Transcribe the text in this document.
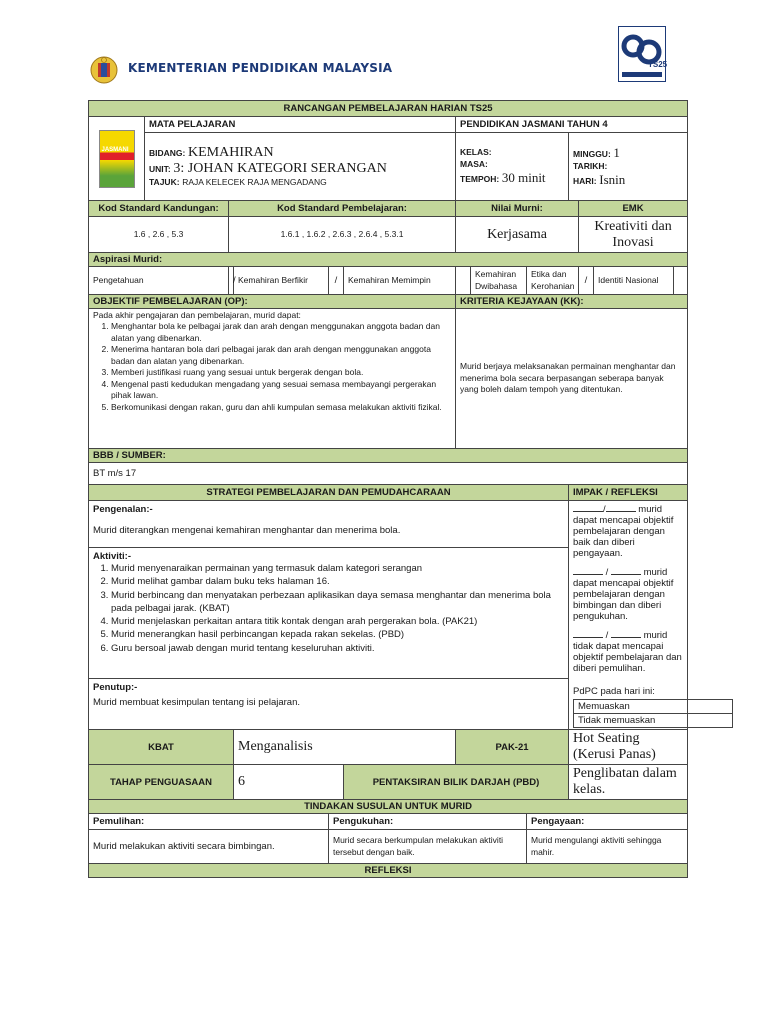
KEMENTERIAN PENDIDIKAN MALAYSIA	TS25
RANCANGAN PEMBELAJARAN HARIAN TS25

JASMANI
	MATA PELAJARAN	PENDIDIKAN JASMANI TAHUN 4

BIDANG: KEMAHIRAN
UNIT: 3: JOHAN KATEGORI SERANGAN
TAJUK: RAJA KELECEK RAJA MENGADANG

KELAS:
MASA:
TEMPOH: 30 minit

MINGGU: 1
TARIKH:
HARI: Isnin

Kod Standard Kandungan:	Kod Standard Pembelajaran:	Nilai Murni:	EMK
1.6 , 2.6 , 5.3	1.6.1 , 1.6.2 , 2.6.3 , 2.6.4 , 5.3.1	Kerjasama	Kreativiti dan Inovasi
Aspirasi Murid:
Pengetahuan	/	Kemahiran Berfikir	/	Kemahiran Memimpin		Kemahiran Dwibahasa	Etika dan Kerohanian	/	Identiti Nasional	
OBJEKTIF PEMBELAJARAN (OP):	KRITERIA KEJAYAAN (KK):

Pada akhir pengajaran dan pembelajaran, murid dapat:
1. Menghantar bola ke pelbagai jarak dan arah dengan menggunakan anggota badan dan alatan yang dibenarkan.
2. Menerima hantaran bola dari pelbagai jarak dan arah dengan menggunakan anggota badan dan alatan yang dibenarkan.
3. Memberi justifikasi ruang yang sesuai untuk bergerak dengan bola.
4. Mengenal pasti kedudukan mengadang yang sesuai semasa membayangi pergerakan pihak lawan.
5. Berkomunikasi dengan rakan, guru dan ahli kumpulan semasa melakukan aktiviti fizikal.
	Murid berjaya melaksanakan permainan menghantar dan menerima bola secara berpasangan seberapa banyak yang boleh dalam tempoh yang ditentukan.
BBB / SUMBER:
BT m/s 17
STRATEGI PEMBELAJARAN DAN PEMUDAHCARAAN	IMPAK / REFLEKSI

Pengenalan:-
Murid diterangkan mengenai kemahiran menghantar dan menerima bola.
Aktiviti:-
1. Murid menyenaraikan permainan yang termasuk dalam kategori serangan
2. Murid melihat gambar dalam buku teks halaman 16.
3. Murid berbincang dan menyatakan perbezaan aplikasikan daya semasa menghantar dan menerima bola pada pelbagai jarak. (KBAT)
4. Murid menjelaskan perkaitan antara titik kontak dengan arah pergerakan bola. (PAK21)
5. Murid menerangkan hasil perbincangan kepada rakan sekelas. (PBD)
6. Guru bersoal jawab dengan murid tentang keseluruhan aktiviti.
Penutup:-
Murid membuat kesimpulan tentang isi pelajaran.

/	murid dapat mencapai objektif pembelajaran dengan baik dan diberi pengayaan.
/	murid dapat mencapai objektif pembelajaran dengan bimbingan dan diberi pengukuhan.
/	murid tidak dapat mencapai objektif pembelajaran dan diberi pemulihan.
PdPC pada hari ini:
Memuaskan	
Tidak memuaskan	

KBAT	Menganalisis	PAK-21	Hot Seating (Kerusi Panas)
TAHAP PENGUASAAN	6	PENTAKSIRAN BILIK DARJAH (PBD)	Penglibatan dalam kelas.
TINDAKAN SUSULAN UNTUK MURID
Pemulihan:	Pengukuhan:	Pengayaan:
Murid melakukan aktiviti secara bimbingan.	Murid secara berkumpulan melakukan aktiviti tersebut dengan baik.	Murid mengulangi aktiviti sehingga mahir.
REFLEKSI
